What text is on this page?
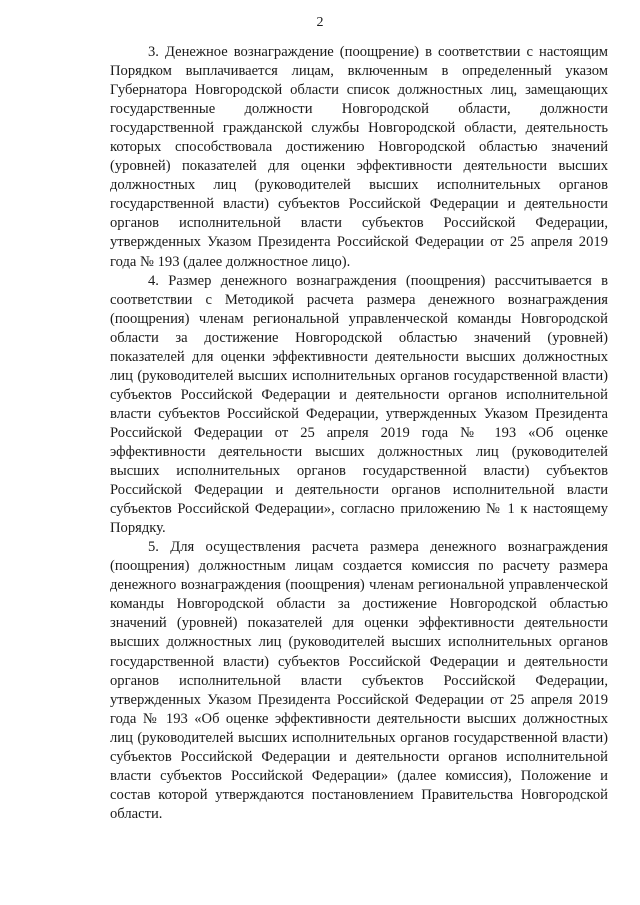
2

3. Денежное вознаграждение (поощрение) в соответствии с настоящим Порядком выплачивается лицам, включенным в определенный указом Губернатора Новгородской области список должностных лиц, замещающих государственные должности Новгородской области, должности государственной гражданской службы Новгородской области, деятельность которых способствовала достижению Новгородской областью значений (уровней) показателей для оценки эффективности деятельности высших должностных лиц (руководителей высших исполнительных органов государственной власти) субъектов Российской Федерации и деятельности органов исполнительной власти субъектов Российской Федерации, утвержденных Указом Президента Российской Федерации от 25 апреля 2019 года № 193 (далее должностное лицо).

4. Размер денежного вознаграждения (поощрения) рассчитывается в соответствии с Методикой расчета размера денежного вознаграждения (поощрения) членам региональной управленческой команды Новгородской области за достижение Новгородской областью значений (уровней) показателей для оценки эффективности деятельности высших должностных лиц (руководителей высших исполнительных органов государственной власти) субъектов Российской Федерации и деятельности органов исполнительной власти субъектов Российской Федерации, утвержденных Указом Президента Российской Федерации от 25 апреля 2019 года № 193 «Об оценке эффективности деятельности высших должностных лиц (руководителей высших исполнительных органов государственной власти) субъектов Российской Федерации и деятельности органов исполнительной власти субъектов Российской Федерации», согласно приложению № 1 к настоящему Порядку.

5. Для осуществления расчета размера денежного вознаграждения (поощрения) должностным лицам создается комиссия по расчету размера денежного вознаграждения (поощрения) членам региональной управленческой команды Новгородской области за достижение Новгородской областью значений (уровней) показателей для оценки эффективности деятельности высших должностных лиц (руководителей высших исполнительных органов государственной власти) субъектов Российской Федерации и деятельности органов исполнительной власти субъектов Российской Федерации, утвержденных Указом Президента Российской Федерации от 25 апреля 2019 года № 193 «Об оценке эффективности деятельности высших должностных лиц (руководителей высших исполнительных органов государственной власти) субъектов Российской Федерации и деятельности органов исполнительной власти субъектов Российской Федерации» (далее комиссия), Положение и состав которой утверждаются постановлением Правительства Новгородской области.
